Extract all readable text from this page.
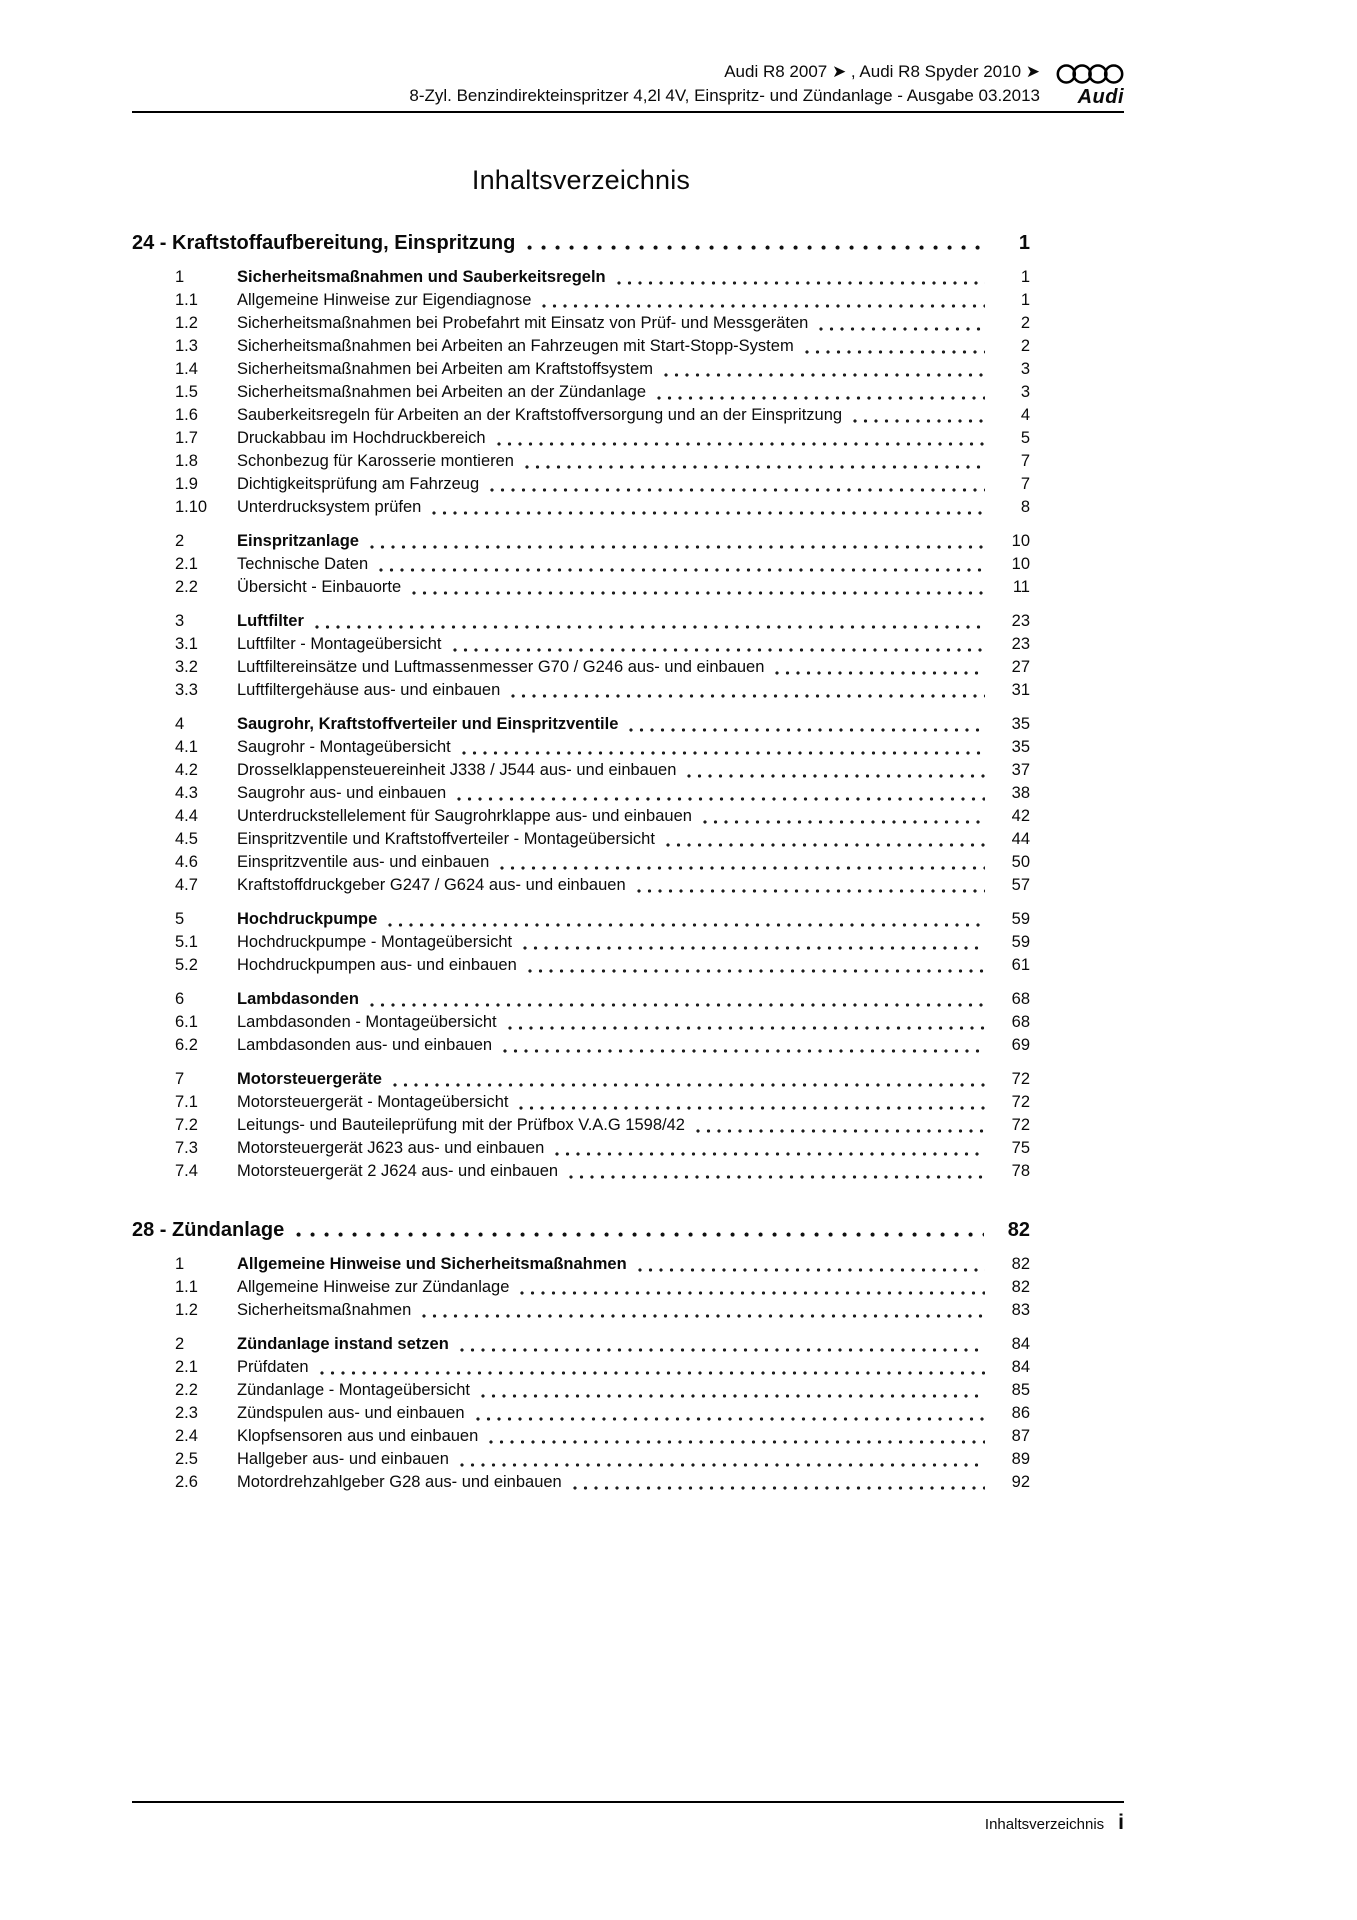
Audi R8 2007 ➤ , Audi R8 Spyder 2010 ➤
8-Zyl. Benzindirekteinspritzer 4,2l 4V, Einspritz- und Zündanlage - Ausgabe 03.2013 Audi
Inhaltsverzeichnis
24 - Kraftstoffaufbereitung, Einspritzung	1
1	Sicherheitsmaßnahmen und Sauberkeitsregeln	1
1.1	Allgemeine Hinweise zur Eigendiagnose	1
1.2	Sicherheitsmaßnahmen bei Probefahrt mit Einsatz von Prüf- und Messgeräten	2
1.3	Sicherheitsmaßnahmen bei Arbeiten an Fahrzeugen mit Start-Stopp-System	2
1.4	Sicherheitsmaßnahmen bei Arbeiten am Kraftstoffsystem	3
1.5	Sicherheitsmaßnahmen bei Arbeiten an der Zündanlage	3
1.6	Sauberkeitsregeln für Arbeiten an der Kraftstoffversorgung und an der Einspritzung	4
1.7	Druckabbau im Hochdruckbereich	5
1.8	Schonbezug für Karosserie montieren	7
1.9	Dichtigkeitsprüfung am Fahrzeug	7
1.10	Unterdrucksystem prüfen	8
2	Einspritzanlage	10
2.1	Technische Daten	10
2.2	Übersicht - Einbauorte	11
3	Luftfilter	23
3.1	Luftfilter - Montageübersicht	23
3.2	Luftfiltereinsätze und Luftmassenmesser G70 / G246 aus- und einbauen	27
3.3	Luftfiltergehäuse aus- und einbauen	31
4	Saugrohr, Kraftstoffverteiler und Einspritzventile	35
4.1	Saugrohr - Montageübersicht	35
4.2	Drosselklappensteuereinheit J338 / J544 aus- und einbauen	37
4.3	Saugrohr aus- und einbauen	38
4.4	Unterdruckstellelement für Saugrohrklappe aus- und einbauen	42
4.5	Einspritzventile und Kraftstoffverteiler - Montageübersicht	44
4.6	Einspritzventile aus- und einbauen	50
4.7	Kraftstoffdruckgeber G247 / G624 aus- und einbauen	57
5	Hochdruckpumpe	59
5.1	Hochdruckpumpe - Montageübersicht	59
5.2	Hochdruckpumpen aus- und einbauen	61
6	Lambdasonden	68
6.1	Lambdasonden - Montageübersicht	68
6.2	Lambdasonden aus- und einbauen	69
7	Motorsteuergeräte	72
7.1	Motorsteuergerät - Montageübersicht	72
7.2	Leitungs- und Bauteileprüfung mit der Prüfbox V.A.G 1598/42	72
7.3	Motorsteuergerät J623 aus- und einbauen	75
7.4	Motorsteuergerät 2 J624 aus- und einbauen	78
28 - Zündanlage	82
1	Allgemeine Hinweise und Sicherheitsmaßnahmen	82
1.1	Allgemeine Hinweise zur Zündanlage	82
1.2	Sicherheitsmaßnahmen	83
2	Zündanlage instand setzen	84
2.1	Prüfdaten	84
2.2	Zündanlage - Montageübersicht	85
2.3	Zündspulen aus- und einbauen	86
2.4	Klopfsensoren aus und einbauen	87
2.5	Hallgeber aus- und einbauen	89
2.6	Motordrehzahlgeber G28 aus- und einbauen	92
Inhaltsverzeichnis i
